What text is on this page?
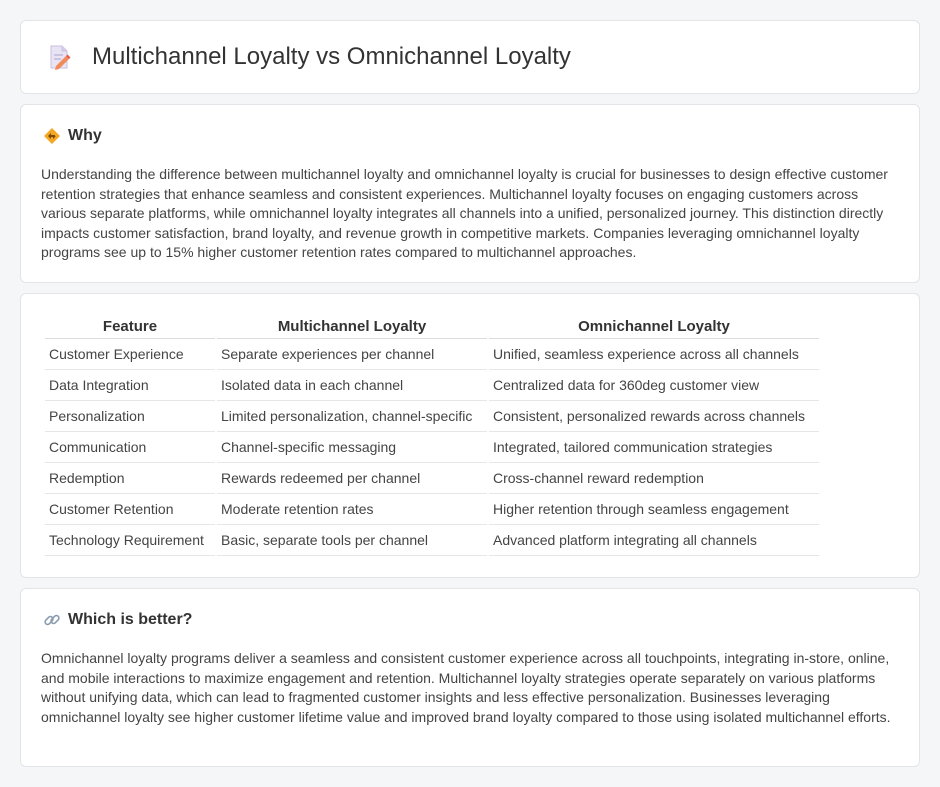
Multichannel Loyalty vs Omnichannel Loyalty
Why

Understanding the difference between multichannel loyalty and omnichannel loyalty is crucial for businesses to design effective customer retention strategies that enhance seamless and consistent experiences. Multichannel loyalty focuses on engaging customers across various separate platforms, while omnichannel loyalty integrates all channels into a unified, personalized journey. This distinction directly impacts customer satisfaction, brand loyalty, and revenue growth in competitive markets. Companies leveraging omnichannel loyalty programs see up to 15% higher customer retention rates compared to multichannel approaches.

Feature	Multichannel Loyalty	Omnichannel Loyalty
Customer Experience	Separate experiences per channel	Unified, seamless experience across all channels
Data Integration	Isolated data in each channel	Centralized data for 360deg customer view
Personalization	Limited personalization, channel-specific	Consistent, personalized rewards across channels
Communication	Channel-specific messaging	Integrated, tailored communication strategies
Redemption	Rewards redeemed per channel	Cross-channel reward redemption
Customer Retention	Moderate retention rates	Higher retention through seamless engagement
Technology Requirement	Basic, separate tools per channel	Advanced platform integrating all channels
Which is better?

Omnichannel loyalty programs deliver a seamless and consistent customer experience across all touchpoints, integrating in-store, online, and mobile interactions to maximize engagement and retention. Multichannel loyalty strategies operate separately on various platforms without unifying data, which can lead to fragmented customer insights and less effective personalization. Businesses leveraging omnichannel loyalty see higher customer lifetime value and improved brand loyalty compared to those using isolated multichannel efforts.
